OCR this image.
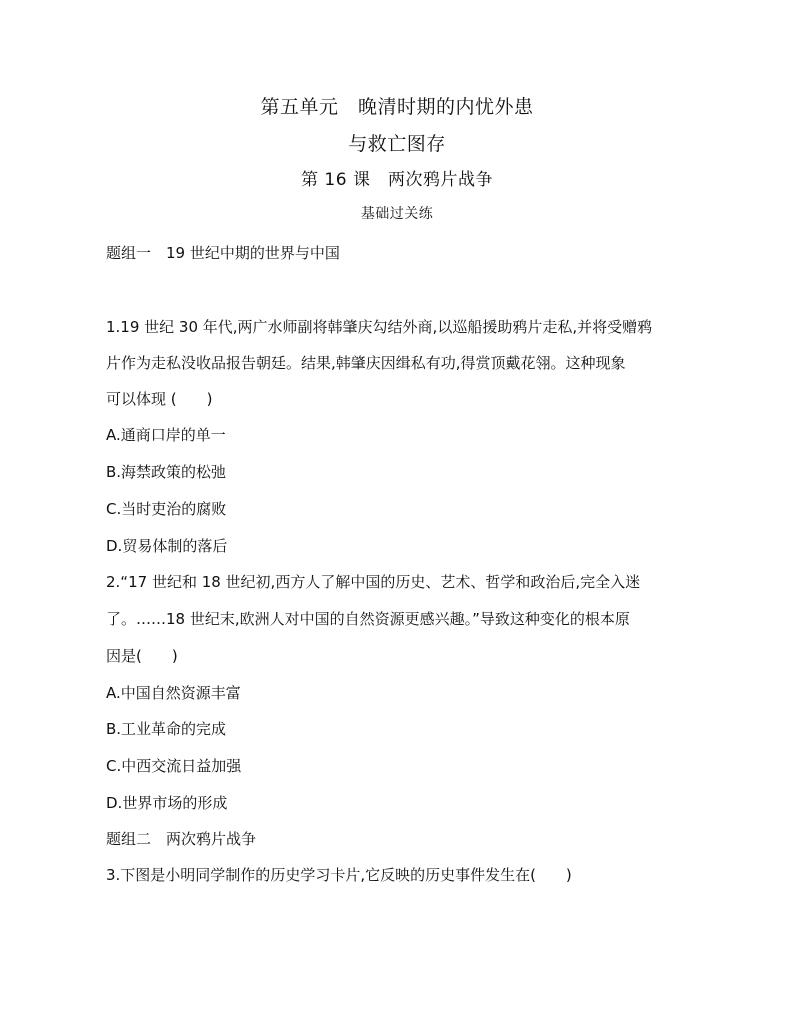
第五单元　晚清时期的内忧外患
与救亡图存
第 16 课　两次鸦片战争
基础过关练
题组一　19 世纪中期的世界与中国
1.19 世纪 30 年代,两广水师副将韩肇庆勾结外商,以巡船援助鸦片走私,并将受赠鸦
片作为走私没收品报告朝廷。结果,韩肇庆因缉私有功,得赏顶戴花翎。这种现象
可以体现 (　　)
A.通商口岸的单一
B.海禁政策的松弛
C.当时吏治的腐败
D.贸易体制的落后
2.“17 世纪和 18 世纪初,西方人了解中国的历史、艺术、哲学和政治后,完全入迷
了。……18 世纪末,欧洲人对中国的自然资源更感兴趣。”导致这种变化的根本原
因是(　　)
A.中国自然资源丰富
B.工业革命的完成
C.中西交流日益加强
D.世界市场的形成
题组二　两次鸦片战争
3.下图是小明同学制作的历史学习卡片,它反映的历史事件发生在(　　)
